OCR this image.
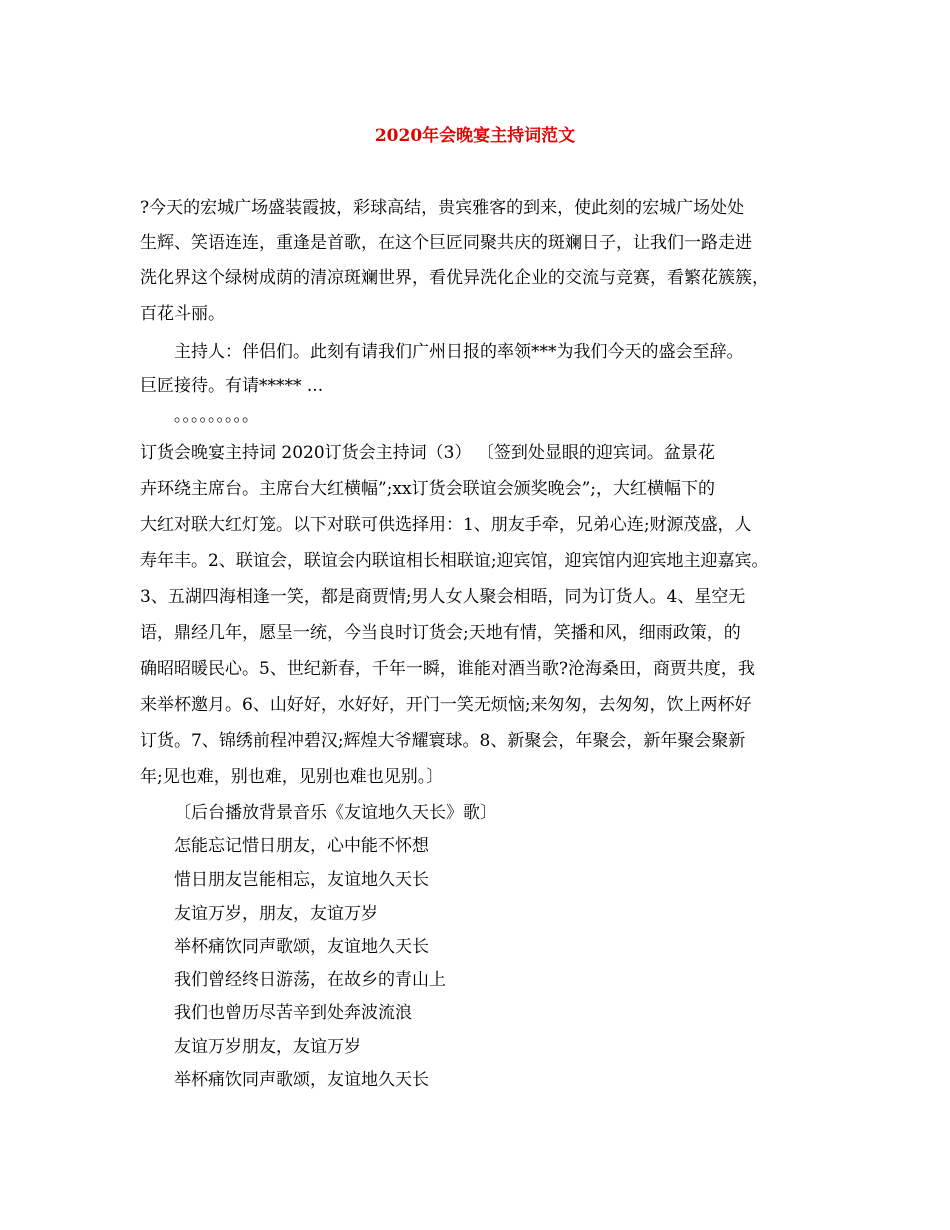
2020年会晚宴主持词范文
?今天的宏城广场盛装霞披，彩球高结，贵宾雅客的到来，使此刻的宏城广场处处
生辉、笑语连连，重逢是首歌，在这个巨匠同聚共庆的斑斓日子，让我们一路走进
洗化界这个绿树成荫的清凉斑斓世界，看优异洗化企业的交流与竞赛，看繁花簇簇，
百花斗丽。
主持人：伴侣们。此刻有请我们广州日报的率领***为我们今天的盛会至辞。
巨匠接待。有请***** ...
。。。。。。。。。
订货会晚宴主持词 2020订货会主持词（3） 〔签到处显眼的迎宾词。盆景花
卉环绕主席台。主席台大红横幅”;xx订货会联谊会颁奖晚会”;，大红横幅下的
大红对联大红灯笼。以下对联可供选择用：1、朋友手牵，兄弟心连;财源茂盛，人
寿年丰。2、联谊会，联谊会内联谊相长相联谊;迎宾馆，迎宾馆内迎宾地主迎嘉宾。
3、五湖四海相逢一笑，都是商贾情;男人女人聚会相晤，同为订货人。4、星空无
语，鼎经几年，愿呈一统，今当良时订货会;天地有情，笑播和风，细雨政策，的
确昭昭暖民心。5、世纪新春，千年一瞬，谁能对酒当歌?沧海桑田，商贾共度，我
来举杯邀月。6、山好好，水好好，开门一笑无烦恼;来匆匆，去匆匆，饮上两杯好
订货。7、锦绣前程冲碧汉;辉煌大爷耀寰球。8、新聚会，年聚会，新年聚会聚新
年;见也难，别也难，见别也难也见别。〕
〔后台播放背景音乐《友谊地久天长》歌〕
怎能忘记惜日朋友，心中能不怀想
惜日朋友岂能相忘，友谊地久天长
友谊万岁，朋友，友谊万岁
举杯痛饮同声歌颂，友谊地久天长
我们曾经终日游荡，在故乡的青山上
我们也曾历尽苦辛到处奔波流浪
友谊万岁朋友，友谊万岁
举杯痛饮同声歌颂，友谊地久天长
